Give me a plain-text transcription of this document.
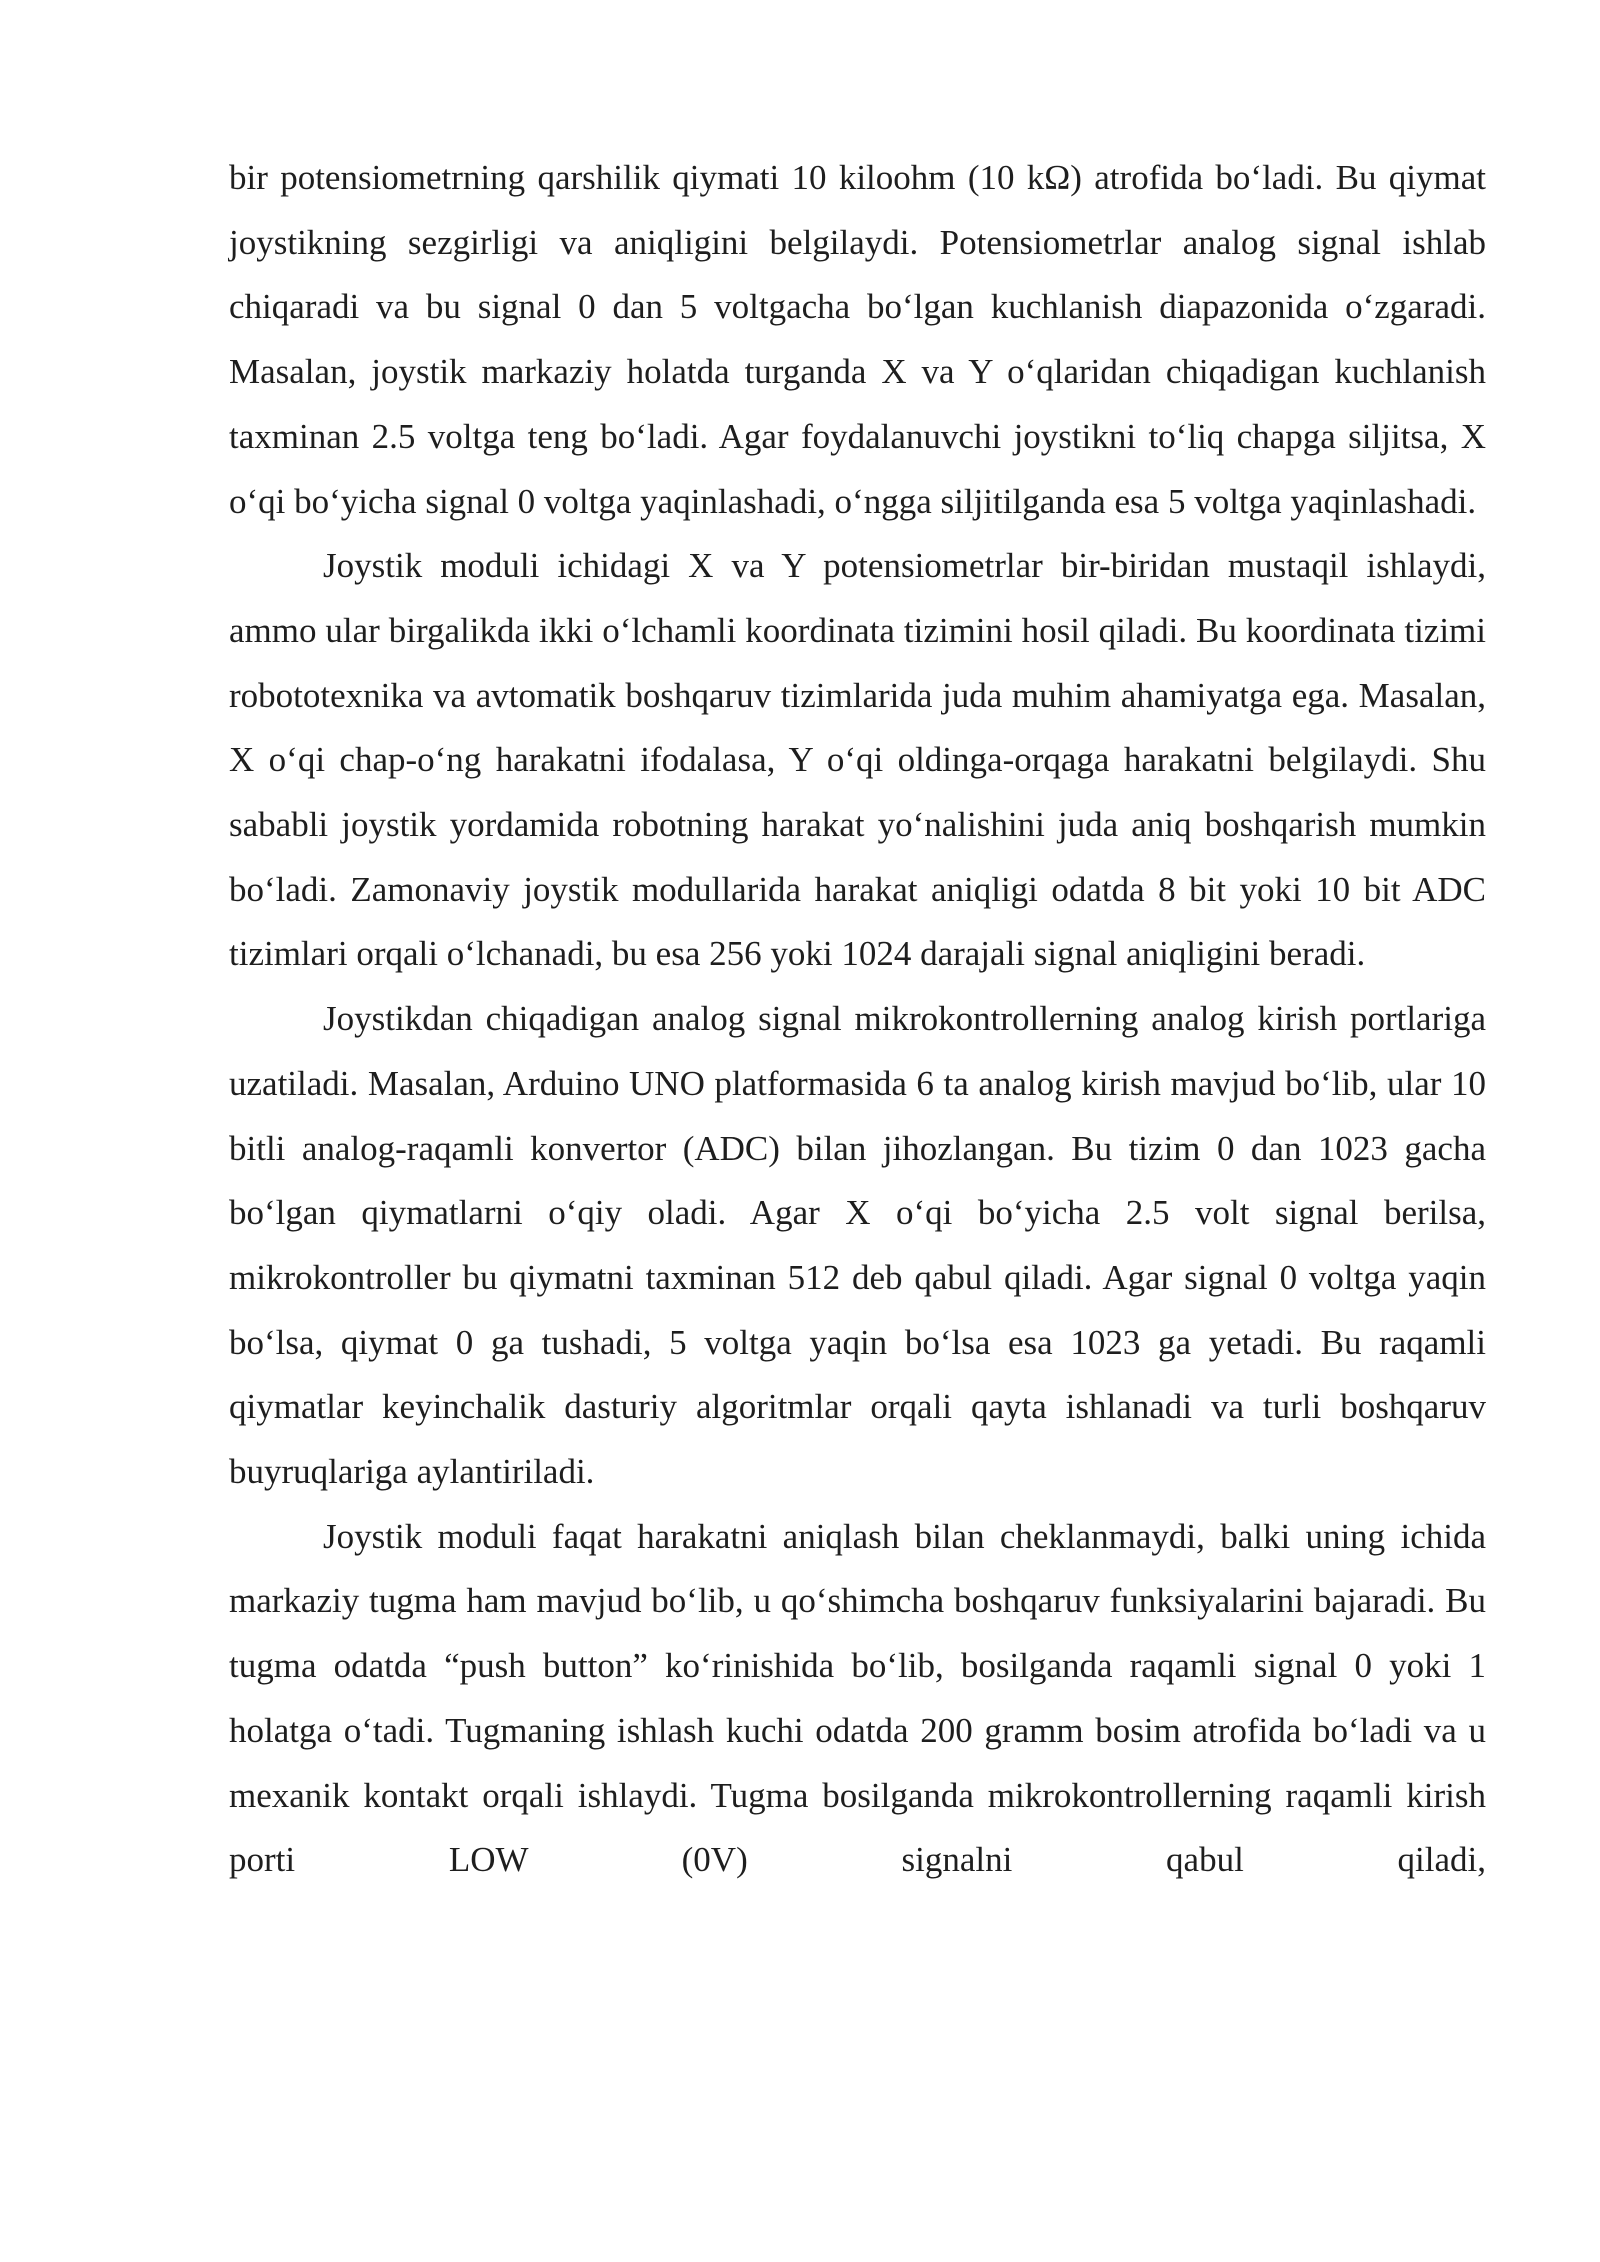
bir potensiometrning qarshilik qiymati 10 kiloohm (10 kΩ) atrofida bo‘ladi. Bu qiymat joystikning sezgirligi va aniqligini belgilaydi. Potensiometrlar analog signal ishlab chiqaradi va bu signal 0 dan 5 voltgacha bo‘lgan kuchlanish diapazonida o‘zgaradi. Masalan, joystik markaziy holatda turganda X va Y o‘qlaridan chiqadigan kuchlanish taxminan 2.5 voltga teng bo‘ladi. Agar foydalanuvchi joystikni to‘liq chapga siljitsa, X o‘qi bo‘yicha signal 0 voltga yaqinlashadi, o‘ngga siljitilganda esa 5 voltga yaqinlashadi.

Joystik moduli ichidagi X va Y potensiometrlar bir-biridan mustaqil ishlaydi, ammo ular birgalikda ikki o‘lchamli koordinata tizimini hosil qiladi. Bu koordinata tizimi robototexnika va avtomatik boshqaruv tizimlarida juda muhim ahamiyatga ega. Masalan, X o‘qi chap-o‘ng harakatni ifodalasa, Y o‘qi oldinga-orqaga harakatni belgilaydi. Shu sababli joystik yordamida robotning harakat yo‘nalishini juda aniq boshqarish mumkin bo‘ladi. Zamonaviy joystik modullarida harakat aniqligi odatda 8 bit yoki 10 bit ADC tizimlari orqali o‘lchanadi, bu esa 256 yoki 1024 darajali signal aniqligini beradi.

Joystikdan chiqadigan analog signal mikrokontrollerning analog kirish portlariga uzatiladi. Masalan, Arduino UNO platformasida 6 ta analog kirish mavjud bo‘lib, ular 10 bitli analog-raqamli konvertor (ADC) bilan jihozlangan. Bu tizim 0 dan 1023 gacha bo‘lgan qiymatlarni o‘qiy oladi. Agar X o‘qi bo‘yicha 2.5 volt signal berilsa, mikrokontroller bu qiymatni taxminan 512 deb qabul qiladi. Agar signal 0 voltga yaqin bo‘lsa, qiymat 0 ga tushadi, 5 voltga yaqin bo‘lsa esa 1023 ga yetadi. Bu raqamli qiymatlar keyinchalik dasturiy algoritmlar orqali qayta ishlanadi va turli boshqaruv buyruqlariga aylantiriladi.

Joystik moduli faqat harakatni aniqlash bilan cheklanmaydi, balki uning ichida markaziy tugma ham mavjud bo‘lib, u qo‘shimcha boshqaruv funksiyalarini bajaradi. Bu tugma odatda “push button” ko‘rinishida bo‘lib, bosilganda raqamli signal 0 yoki 1 holatga o‘tadi. Tugmaning ishlash kuchi odatda 200 gramm bosim atrofida bo‘ladi va u mexanik kontakt orqali ishlaydi. Tugma bosilganda mikrokontrollerning raqamli kirish porti LOW (0V) signalni qabul qiladi,
